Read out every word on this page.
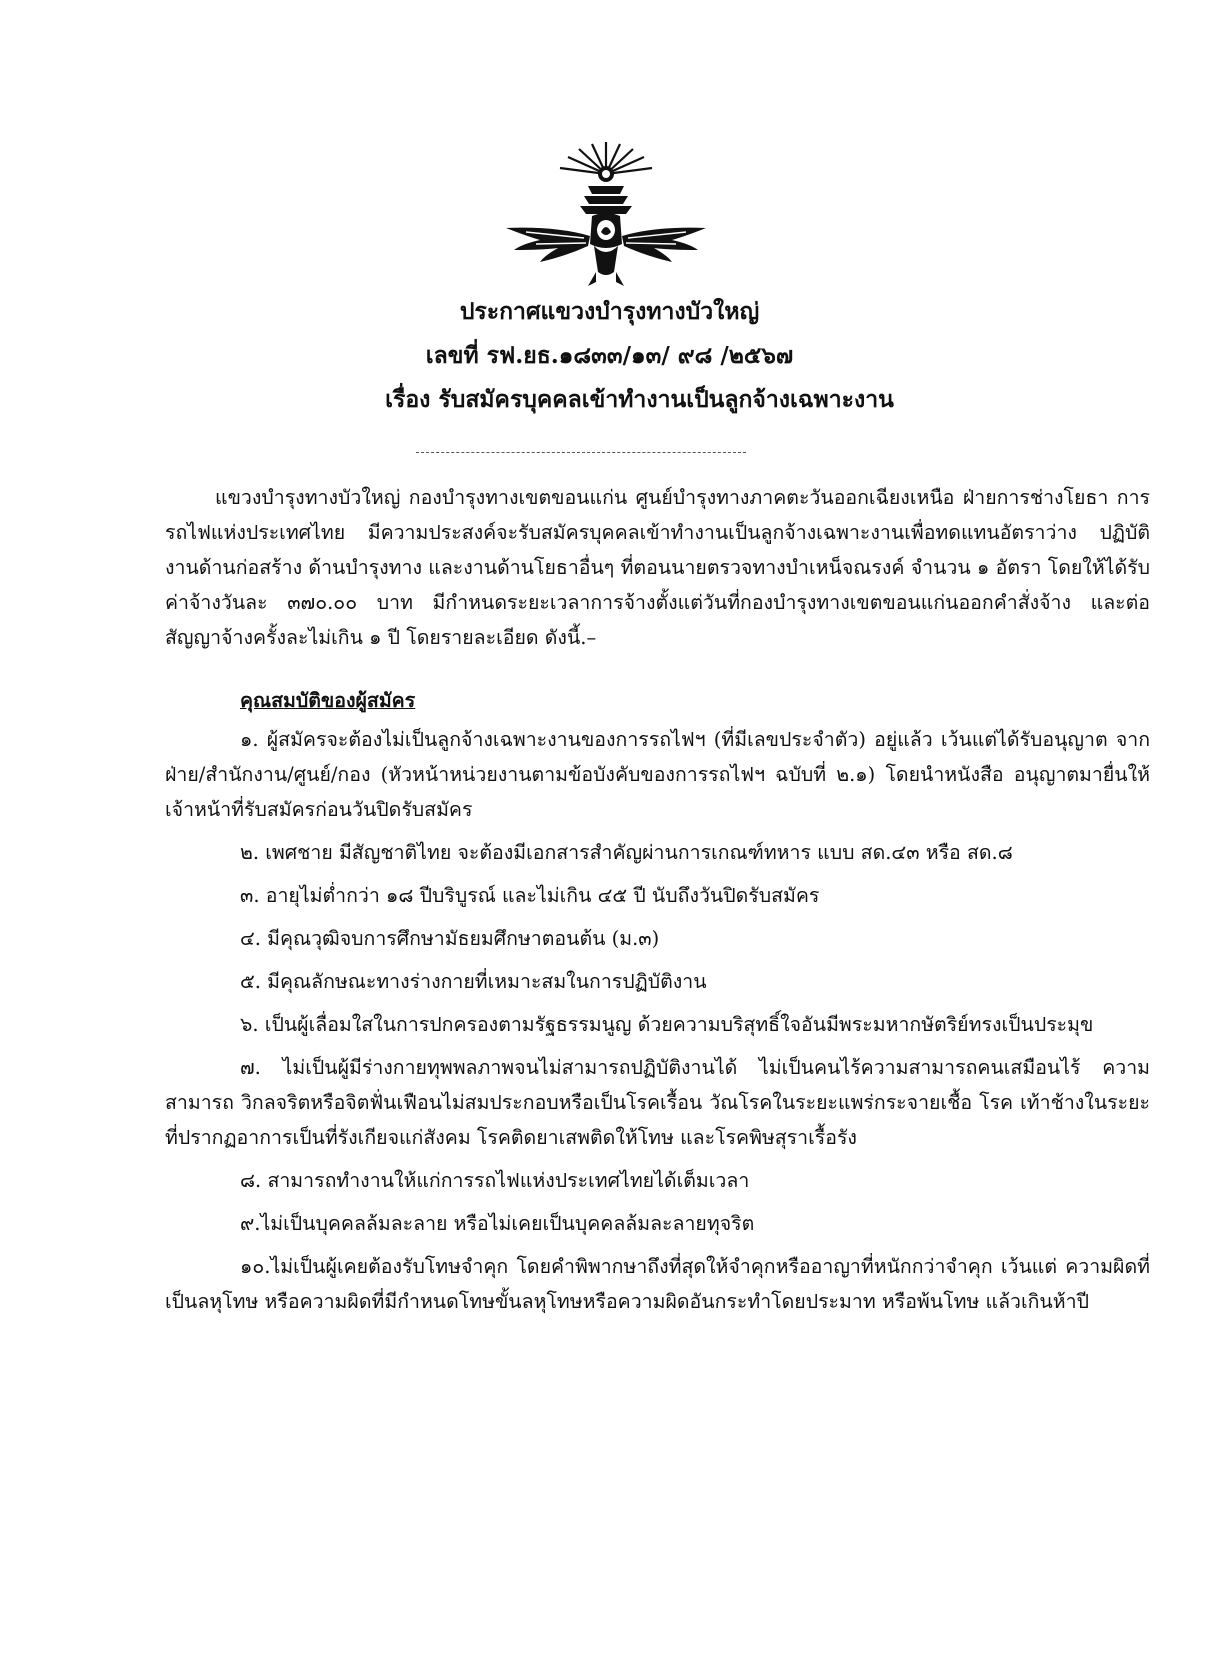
ประกาศแขวงบำรุงทางบัวใหญ่
เลขที่ รฟ.ยธ.๑๘๓๓/๑๓/ ๙๘ /๒๕๖๗
เรื่อง รับสมัครบุคคลเข้าทำงานเป็นลูกจ้างเฉพาะงาน

แขวงบำรุงทางบัวใหญ่ กองบำรุงทางเขตขอนแก่น ศูนย์บำรุงทางภาคตะวันออกเฉียงเหนือ ฝ่ายการช่างโยธา การรถไฟแห่งประเทศไทย มีความประสงค์จะรับสมัครบุคคลเข้าทำงานเป็นลูกจ้างเฉพาะงานเพื่อทดแทนอัตราว่าง ปฏิบัติงานด้านก่อสร้าง ด้านบำรุงทาง และงานด้านโยธาอื่นๆ ที่ตอนนายตรวจทางบำเหน็จณรงค์ จำนวน ๑ อัตรา โดยให้ได้รับค่าจ้างวันละ ๓๗๐.๐๐ บาท มีกำหนดระยะเวลาการจ้างตั้งแต่วันที่กองบำรุงทางเขตขอนแก่นออกคำสั่งจ้าง และต่อสัญญาจ้างครั้งละไม่เกิน ๑ ปี โดยรายละเอียด ดังนี้.–

คุณสมบัติของผู้สมัคร

๑. ผู้สมัครจะต้องไม่เป็นลูกจ้างเฉพาะงานของการรถไฟฯ (ที่มีเลขประจำตัว) อยู่แล้ว เว้นแต่ได้รับอนุญาต จากฝ่าย/สำนักงาน/ศูนย์/กอง (หัวหน้าหน่วยงานตามข้อบังคับของการรถไฟฯ ฉบับที่ ๒.๑) โดยนำหนังสือ อนุญาตมายื่นให้เจ้าหน้าที่รับสมัครก่อนวันปิดรับสมัคร

๒. เพศชาย มีสัญชาติไทย จะต้องมีเอกสารสำคัญผ่านการเกณฑ์ทหาร แบบ สด.๔๓ หรือ สด.๘

๓. อายุไม่ต่ำกว่า ๑๘ ปีบริบูรณ์ และไม่เกิน ๔๕ ปี นับถึงวันปิดรับสมัคร

๔. มีคุณวุฒิจบการศึกษามัธยมศึกษาตอนต้น (ม.๓)

๕. มีคุณลักษณะทางร่างกายที่เหมาะสมในการปฏิบัติงาน

๖. เป็นผู้เลื่อมใสในการปกครองตามรัฐธรรมนูญ ด้วยความบริสุทธิ์ใจอันมีพระมหากษัตริย์ทรงเป็นประมุข

๗. ไม่เป็นผู้มีร่างกายทุพพลภาพจนไม่สามารถปฏิบัติงานได้ ไม่เป็นคนไร้ความสามารถคนเสมือนไร้ ความสามารถ วิกลจริตหรือจิตฟั่นเฟือนไม่สมประกอบหรือเป็นโรคเรื้อน วัณโรคในระยะแพร่กระจายเชื้อ โรค เท้าช้างในระยะที่ปรากฏอาการเป็นที่รังเกียจแก่สังคม โรคติดยาเสพติดให้โทษ และโรคพิษสุราเรื้อรัง

๘. สามารถทำงานให้แก่การรถไฟแห่งประเทศไทยได้เต็มเวลา

๙.ไม่เป็นบุคคลล้มละลาย หรือไม่เคยเป็นบุคคลล้มละลายทุจริต

๑๐.ไม่เป็นผู้เคยต้องรับโทษจำคุก โดยคำพิพากษาถึงที่สุดให้จำคุกหรืออาญาที่หนักกว่าจำคุก เว้นแต่ ความผิดที่เป็นลหุโทษ หรือความผิดที่มีกำหนดโทษขั้นลหุโทษหรือความผิดอันกระทำโดยประมาท หรือพ้นโทษ แล้วเกินห้าปี
